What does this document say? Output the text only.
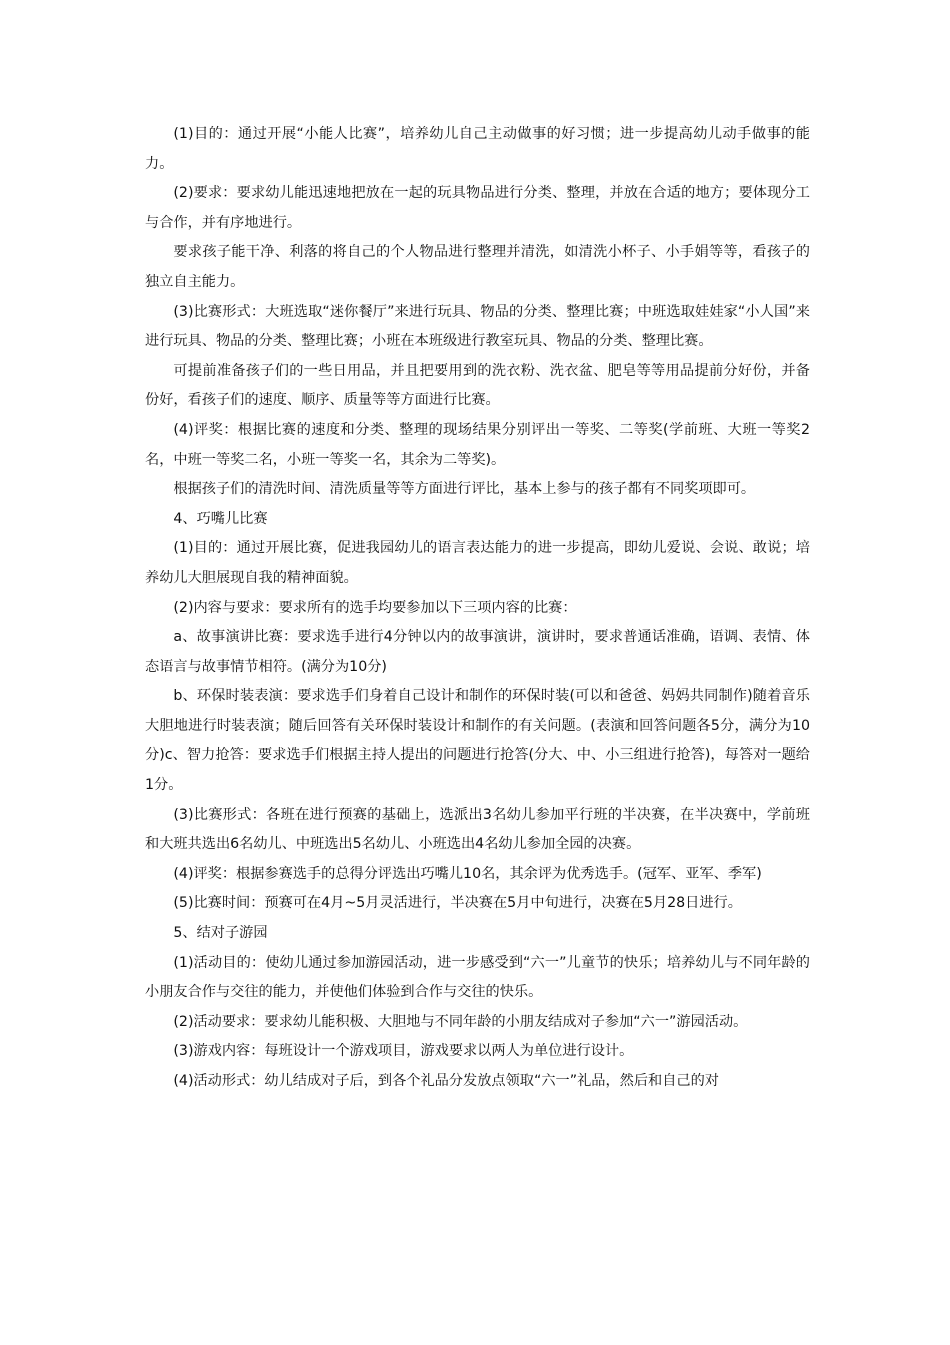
(1)目的：通过开展“小能人比赛”，培养幼儿自己主动做事的好习惯；进一步提高幼儿动手做事的能力。

(2)要求：要求幼儿能迅速地把放在一起的玩具物品进行分类、整理，并放在合适的地方；要体现分工与合作，并有序地进行。

要求孩子能干净、利落的将自己的个人物品进行整理并清洗，如清洗小杯子、小手娟等等，看孩子的独立自主能力。

(3)比赛形式：大班选取“迷你餐厅”来进行玩具、物品的分类、整理比赛；中班选取娃娃家“小人国”来进行玩具、物品的分类、整理比赛；小班在本班级进行教室玩具、物品的分类、整理比赛。

可提前准备孩子们的一些日用品，并且把要用到的洗衣粉、洗衣盆、肥皂等等用品提前分好份，并备份好，看孩子们的速度、顺序、质量等等方面进行比赛。

(4)评奖：根据比赛的速度和分类、整理的现场结果分别评出一等奖、二等奖(学前班、大班一等奖2名，中班一等奖二名，小班一等奖一名，其余为二等奖)。

根据孩子们的清洗时间、清洗质量等等方面进行评比，基本上参与的孩子都有不同奖项即可。

4、巧嘴儿比赛

(1)目的：通过开展比赛，促进我园幼儿的语言表达能力的进一步提高，即幼儿爱说、会说、敢说；培养幼儿大胆展现自我的精神面貌。

(2)内容与要求：要求所有的选手均要参加以下三项内容的比赛：

a、故事演讲比赛：要求选手进行4分钟以内的故事演讲，演讲时，要求普通话准确，语调、表情、体态语言与故事情节相符。(满分为10分)

b、环保时装表演：要求选手们身着自己设计和制作的环保时装(可以和爸爸、妈妈共同制作)随着音乐大胆地进行时装表演；随后回答有关环保时装设计和制作的有关问题。(表演和回答问题各5分，满分为10分)c、智力抢答：要求选手们根据主持人提出的问题进行抢答(分大、中、小三组进行抢答)，每答对一题给1分。

(3)比赛形式：各班在进行预赛的基础上，选派出3名幼儿参加平行班的半决赛，在半决赛中，学前班和大班共选出6名幼儿、中班选出5名幼儿、小班选出4名幼儿参加全园的决赛。

(4)评奖：根据参赛选手的总得分评选出巧嘴儿10名，其余评为优秀选手。(冠军、亚军、季军)

(5)比赛时间：预赛可在4月~5月灵活进行，半决赛在5月中旬进行，决赛在5月28日进行。

5、结对子游园

(1)活动目的：使幼儿通过参加游园活动，进一步感受到“六一”儿童节的快乐；培养幼儿与不同年龄的小朋友合作与交往的能力，并使他们体验到合作与交往的快乐。

(2)活动要求：要求幼儿能积极、大胆地与不同年龄的小朋友结成对子参加“六一”游园活动。

(3)游戏内容：每班设计一个游戏项目，游戏要求以两人为单位进行设计。

(4)活动形式：幼儿结成对子后，到各个礼品分发放点领取“六一”礼品，然后和自己的对
